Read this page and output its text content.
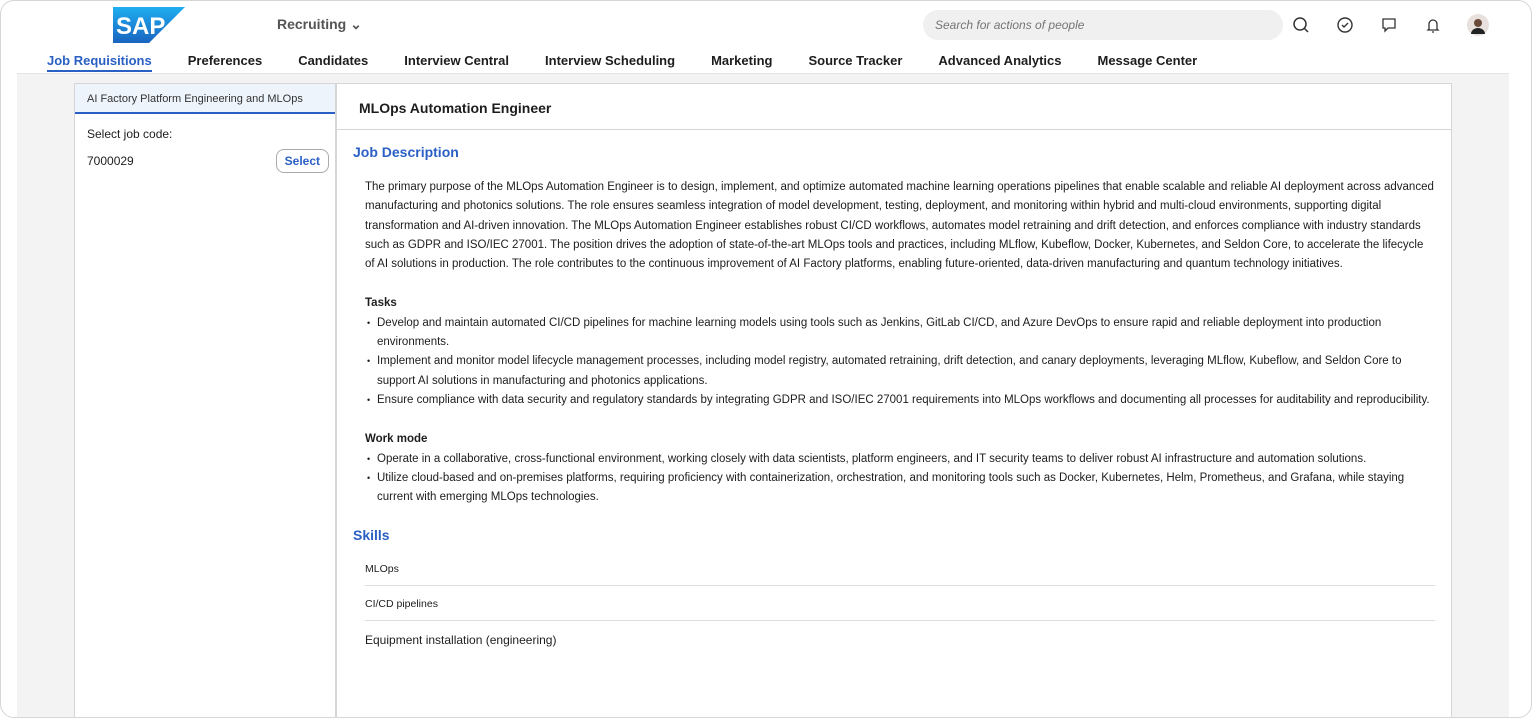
SAP	Recruiting ⌄
Search for actions of people
Job Requisitions	Preferences	Candidates	Interview Central	Interview Scheduling	Marketing	Source Tracker	Advanced Analytics	Message Center
AI Factory Platform Engineering and MLOps
Select job code:
7000029	Select
MLOps Automation Engineer
Job Description

The primary purpose of the MLOps Automation Engineer is to design, implement, and optimize automated machine learning operations pipelines that enable scalable and reliable AI deployment across advanced manufacturing and photonics solutions. The role ensures seamless integration of model development, testing, deployment, and monitoring within hybrid and multi-cloud environments, supporting digital transformation and AI-driven innovation. The MLOps Automation Engineer establishes robust CI/CD workflows, automates model retraining and drift detection, and enforces compliance with industry standards such as GDPR and ISO/IEC 27001. The position drives the adoption of state-of-the-art MLOps tools and practices, including MLflow, Kubeflow, Docker, Kubernetes, and Seldon Core, to accelerate the lifecycle of AI solutions in production. The role contributes to the continuous improvement of AI Factory platforms, enabling future-oriented, data-driven manufacturing and quantum technology initiatives.

Tasks

• Develop and maintain automated CI/CD pipelines for machine learning models using tools such as Jenkins, GitLab CI/CD, and Azure DevOps to ensure rapid and reliable deployment into production environments.
• Implement and monitor model lifecycle management processes, including model registry, automated retraining, drift detection, and canary deployments, leveraging MLflow, Kubeflow, and Seldon Core to support AI solutions in manufacturing and photonics applications.
• Ensure compliance with data security and regulatory standards by integrating GDPR and ISO/IEC 27001 requirements into MLOps workflows and documenting all processes for auditability and reproducibility.

Work mode

• Operate in a collaborative, cross-functional environment, working closely with data scientists, platform engineers, and IT security teams to deliver robust AI infrastructure and automation solutions.
• Utilize cloud-based and on-premises platforms, requiring proficiency with containerization, orchestration, and monitoring tools such as Docker, Kubernetes, Helm, Prometheus, and Grafana, while staying current with emerging MLOps technologies.
Skills
MLOps
CI/CD pipelines
Equipment installation (engineering)
